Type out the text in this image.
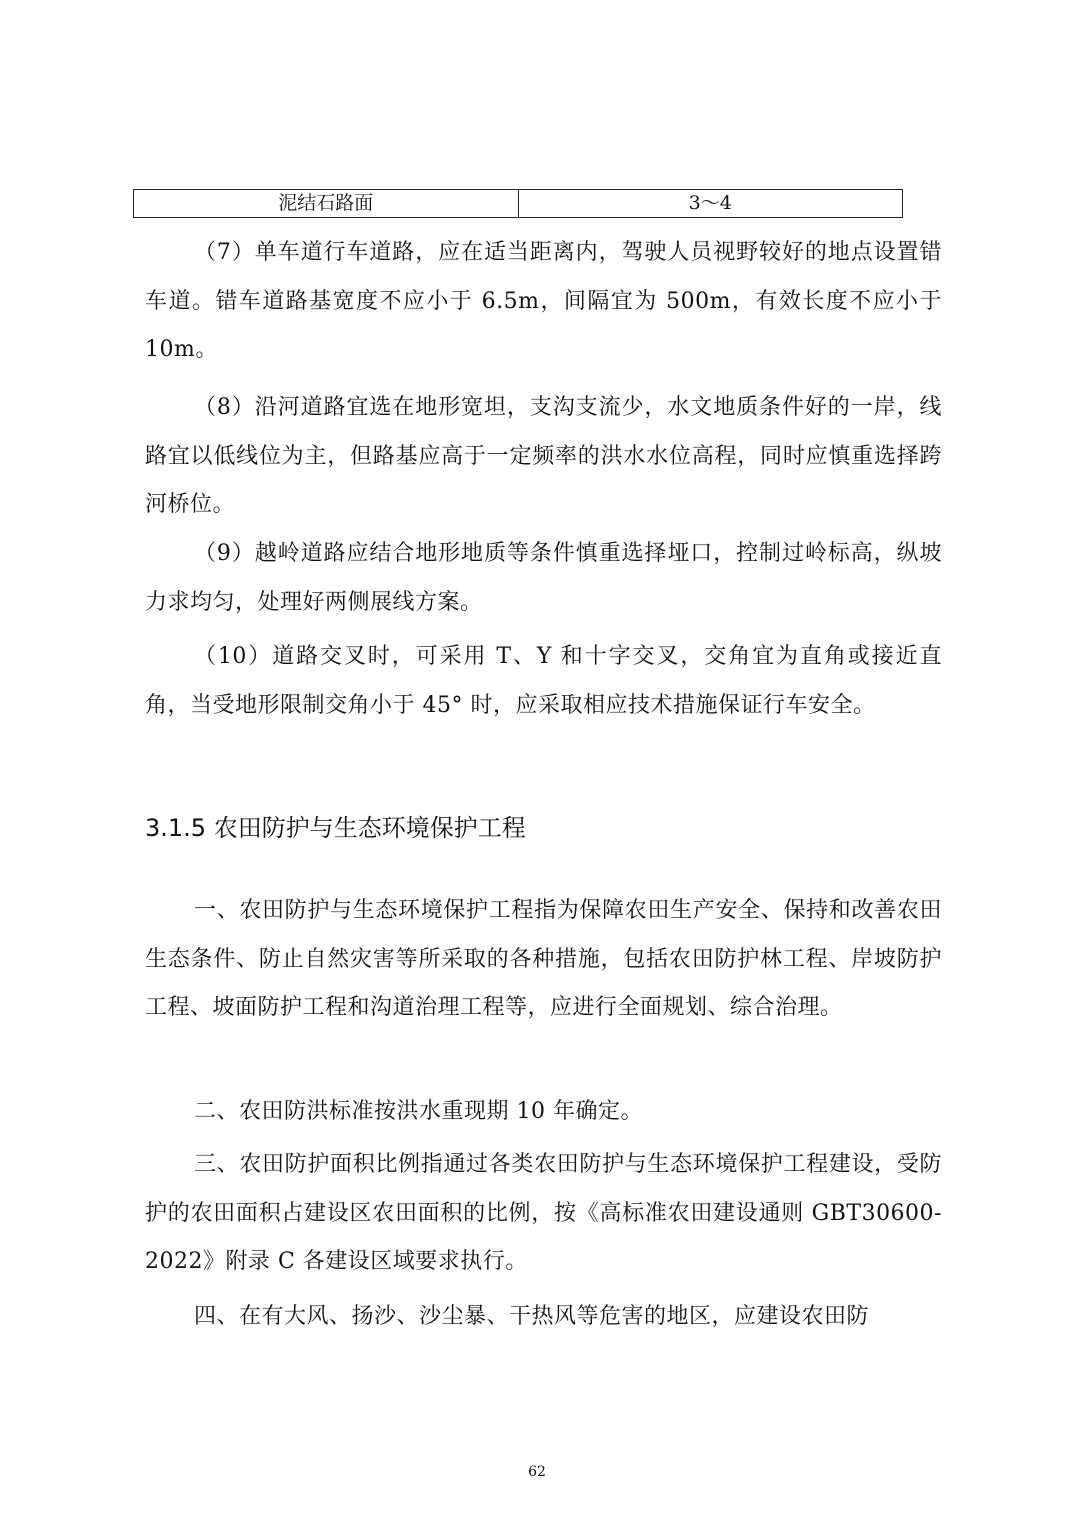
泥结石路面	3～4

（7）单车道行车道路，应在适当距离内，驾驶人员视野较好的地点设置错车道。错车道路基宽度不应小于 6.5m，间隔宜为 500m，有效长度不应小于 10m。

（8）沿河道路宜选在地形宽坦，支沟支流少，水文地质条件好的一岸，线路宜以低线位为主，但路基应高于一定频率的洪水水位高程，同时应慎重选择跨河桥位。

（9）越岭道路应结合地形地质等条件慎重选择垭口，控制过岭标高，纵坡力求均匀，处理好两侧展线方案。

（10）道路交叉时，可采用 T、Y 和十字交叉，交角宜为直角或接近直角，当受地形限制交角小于 45° 时，应采取相应技术措施保证行车安全。

3.1.5 农田防护与生态环境保护工程

一、农田防护与生态环境保护工程指为保障农田生产安全、保持和改善农田生态条件、防止自然灾害等所采取的各种措施，包括农田防护林工程、岸坡防护工程、坡面防护工程和沟道治理工程等，应进行全面规划、综合治理。

二、农田防洪标准按洪水重现期 10 年确定。

三、农田防护面积比例指通过各类农田防护与生态环境保护工程建设，受防护的农田面积占建设区农田面积的比例，按《高标准农田建设通则 GBT30600-2022》附录 C 各建设区域要求执行。

四、在有大风、扬沙、沙尘暴、干热风等危害的地区，应建设农田防

62
